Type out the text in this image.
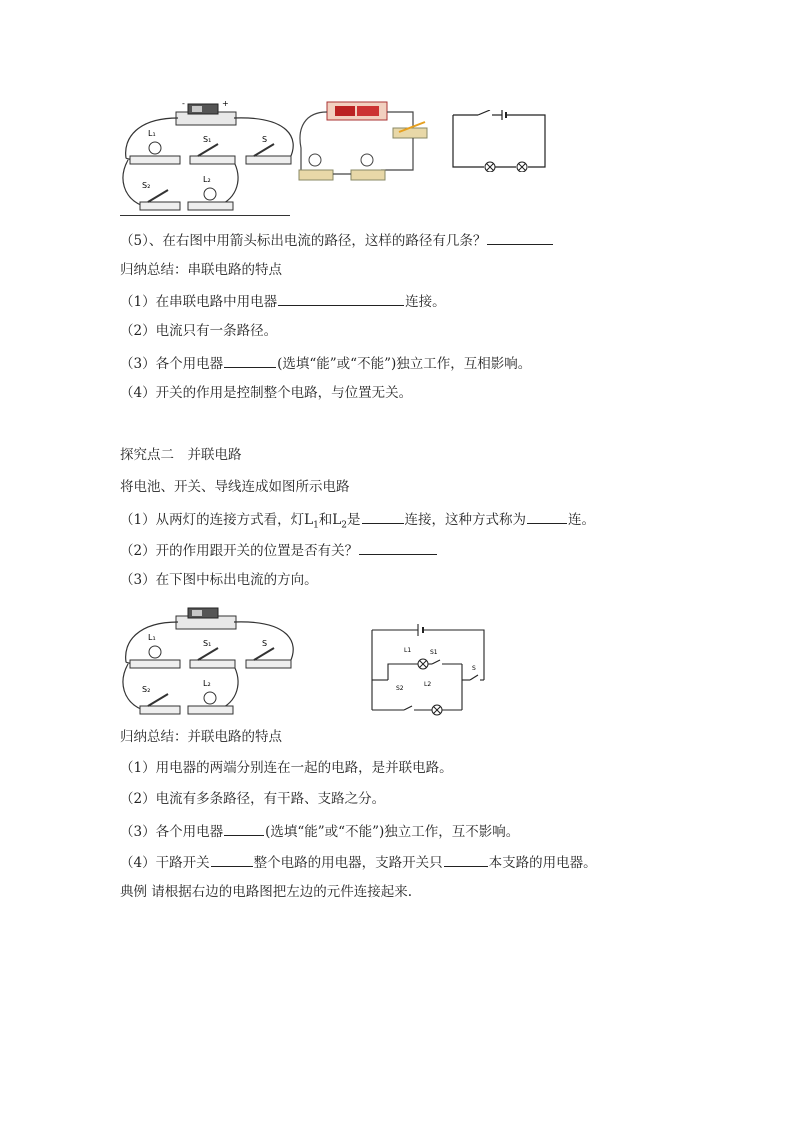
-	+
L₁
S₁	S
S₂
L₂
（5）、在右图中用箭头标出电流的路径，这样的路径有几条？
归纳总结：串联电路的特点
（1）在串联电路中用电器	连接。
（2）电流只有一条路径。
（3）各个用电器	(选填“能”或“不能”)独立工作，互相影响。
（4）开关的作用是控制整个电路，与位置无关。
探究点二　并联电路
将电池、开关、导线连成如图所示电路
（1）从两灯的连接方式看，灯$L_1$和$L_2$是	连接，这种方式称为	连。
（2）开的作用跟开关的位置是否有关？
（3）在下图中标出电流的方向。
L₁
S₁	S
S₂
L₂
L1	S1
S2
L2
S
归纳总结：并联电路的特点
（1）用电器的两端分别连在一起的电路，是并联电路。
（2）电流有多条路径，有干路、支路之分。
（3）各个用电器	(选填“能”或“不能”)独立工作，互不影响。
（4）干路开关	整个电路的用电器，支路开关只	本支路的用电器。
典例 请根据右边的电路图把左边的元件连接起来.
